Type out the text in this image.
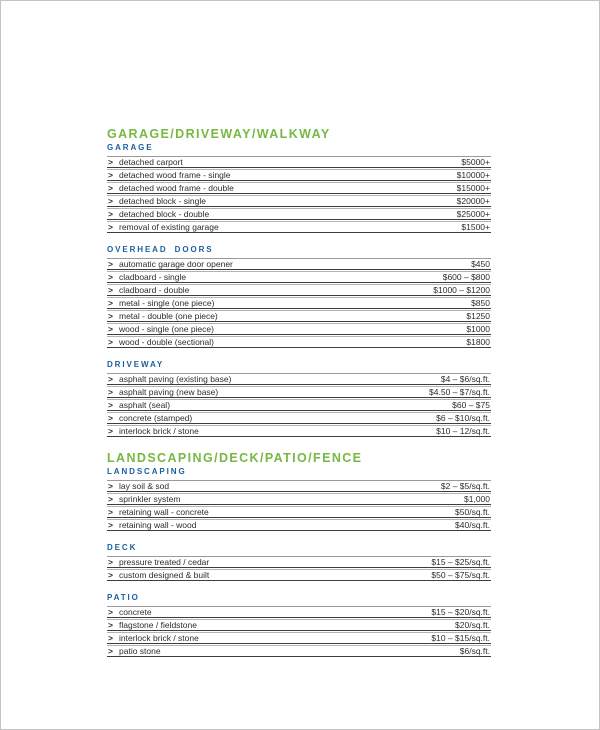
GARAGE/DRIVEWAY/WALKWAY
GARAGE
> detached carport	$5000+
> detached wood frame - single	$10000+
> detached wood frame - double	$15000+
> detached block - single	$20000+
> detached block - double	$25000+
> removal of existing garage	$1500+
OVERHEAD DOORS
> automatic garage door opener	$450
> cladboard - single	$600 – $800
> cladboard - double	$1000 – $1200
> metal - single (one piece)	$850
> metal - double (one piece)	$1250
> wood - single (one piece)	$1000
> wood - double (sectional)	$1800
DRIVEWAY
> asphalt paving (existing base)	$4 – $6/sq.ft.
> asphalt paving (new base)	$4.50 – $7/sq.ft.
> asphalt (seal)	$60 – $75
> concrete (stamped)	$6 – $10/sq.ft.
> interlock brick / stone	$10 – 12/sq.ft.
LANDSCAPING/DECK/PATIO/FENCE
LANDSCAPING
> lay soil & sod	$2 – $5/sq.ft.
> sprinkler system	$1,000
> retaining wall - concrete	$50/sq.ft.
> retaining wall - wood	$40/sq.ft.
DECK
> pressure treated / cedar	$15 – $25/sq.ft.
> custom designed & built	$50 – $75/sq.ft.
PATIO
> concrete	$15 – $20/sq.ft.
> flagstone / fieldstone	$20/sq.ft.
> interlock brick / stone	$10 – $15/sq.ft.
> patio stone	$6/sq.ft.
